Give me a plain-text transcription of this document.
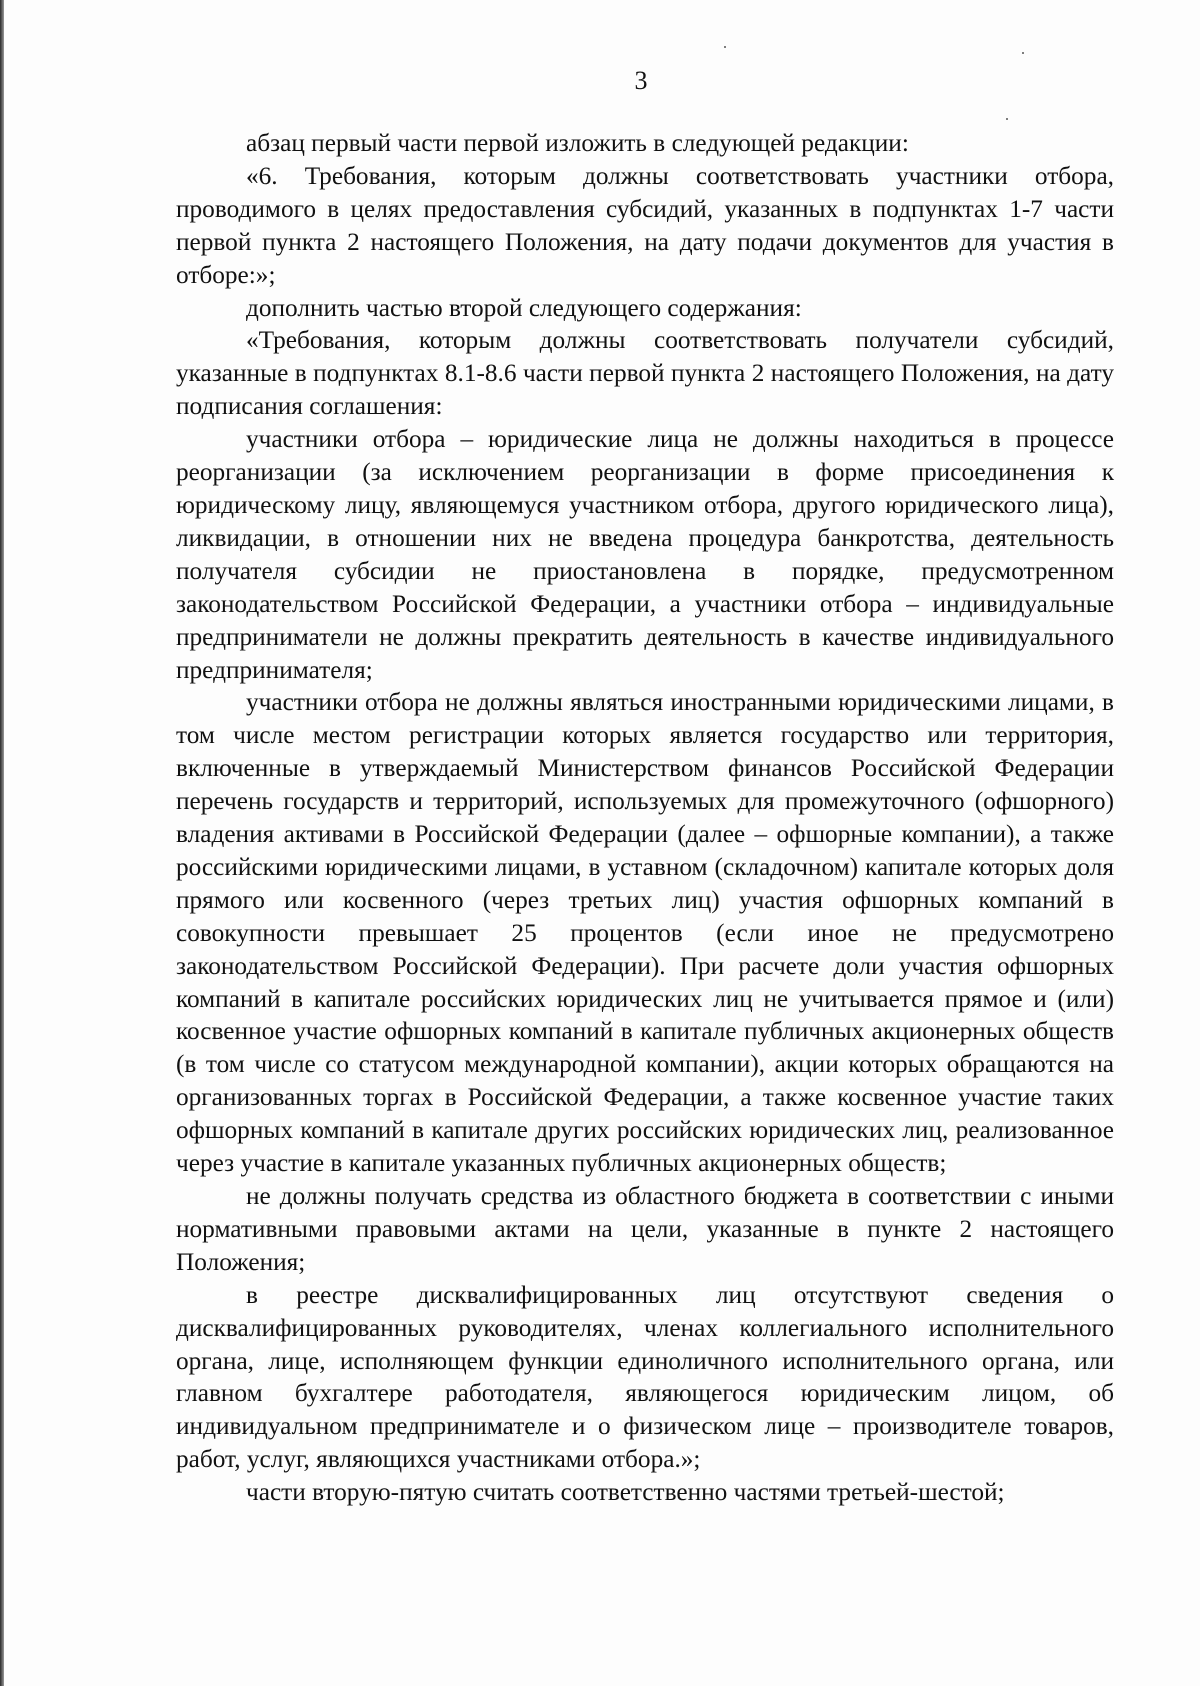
3

абзац первый части первой изложить в следующей редакции:

«6. Требования, которым должны соответствовать участники отбора, проводимого в целях предоставления субсидий, указанных в подпунктах 1-7 части первой пункта 2 настоящего Положения, на дату подачи документов для участия в отборе:»;

дополнить частью второй следующего содержания:

«Требования, которым должны соответствовать получатели субсидий, указанные в подпунктах 8.1-8.6 части первой пункта 2 настоящего Положения, на дату подписания соглашения:

участники отбора – юридические лица не должны находиться в процессе реорганизации (за исключением реорганизации в форме присоединения к юридическому лицу, являющемуся участником отбора, другого юридического лица), ликвидации, в отношении них не введена процедура банкротства, деятельность получателя субсидии не приостановлена в порядке, предусмотренном законодательством Российской Федерации, а участники отбора – индивидуальные предприниматели не должны прекратить деятельность в качестве индивидуального предпринимателя;

участники отбора не должны являться иностранными юридическими лицами, в том числе местом регистрации которых является государство или территория, включенные в утверждаемый Министерством финансов Российской Федерации перечень государств и территорий, используемых для промежуточного (офшорного) владения активами в Российской Федерации (далее – офшорные компании), а также российскими юридическими лицами, в уставном (складочном) капитале которых доля прямого или косвенного (через третьих лиц) участия офшорных компаний в совокупности превышает 25 процентов (если иное не предусмотрено законодательством Российской Федерации). При расчете доли участия офшорных компаний в капитале российских юридических лиц не учитывается прямое и (или) косвенное участие офшорных компаний в капитале публичных акционерных обществ (в том числе со статусом международной компании), акции которых обращаются на организованных торгах в Российской Федерации, а также косвенное участие таких офшорных компаний в капитале других российских юридических лиц, реализованное через участие в капитале указанных публичных акционерных обществ;

не должны получать средства из областного бюджета в соответствии с иными нормативными правовыми актами на цели, указанные в пункте 2 настоящего Положения;

в реестре дисквалифицированных лиц отсутствуют сведения о дисквалифицированных руководителях, членах коллегиального исполнительного органа, лице, исполняющем функции единоличного исполнительного органа, или главном бухгалтере работодателя, являющегося юридическим лицом, об индивидуальном предпринимателе и о физическом лице – производителе товаров, работ, услуг, являющихся участниками отбора.»;

части вторую-пятую считать соответственно частями третьей-шестой;
